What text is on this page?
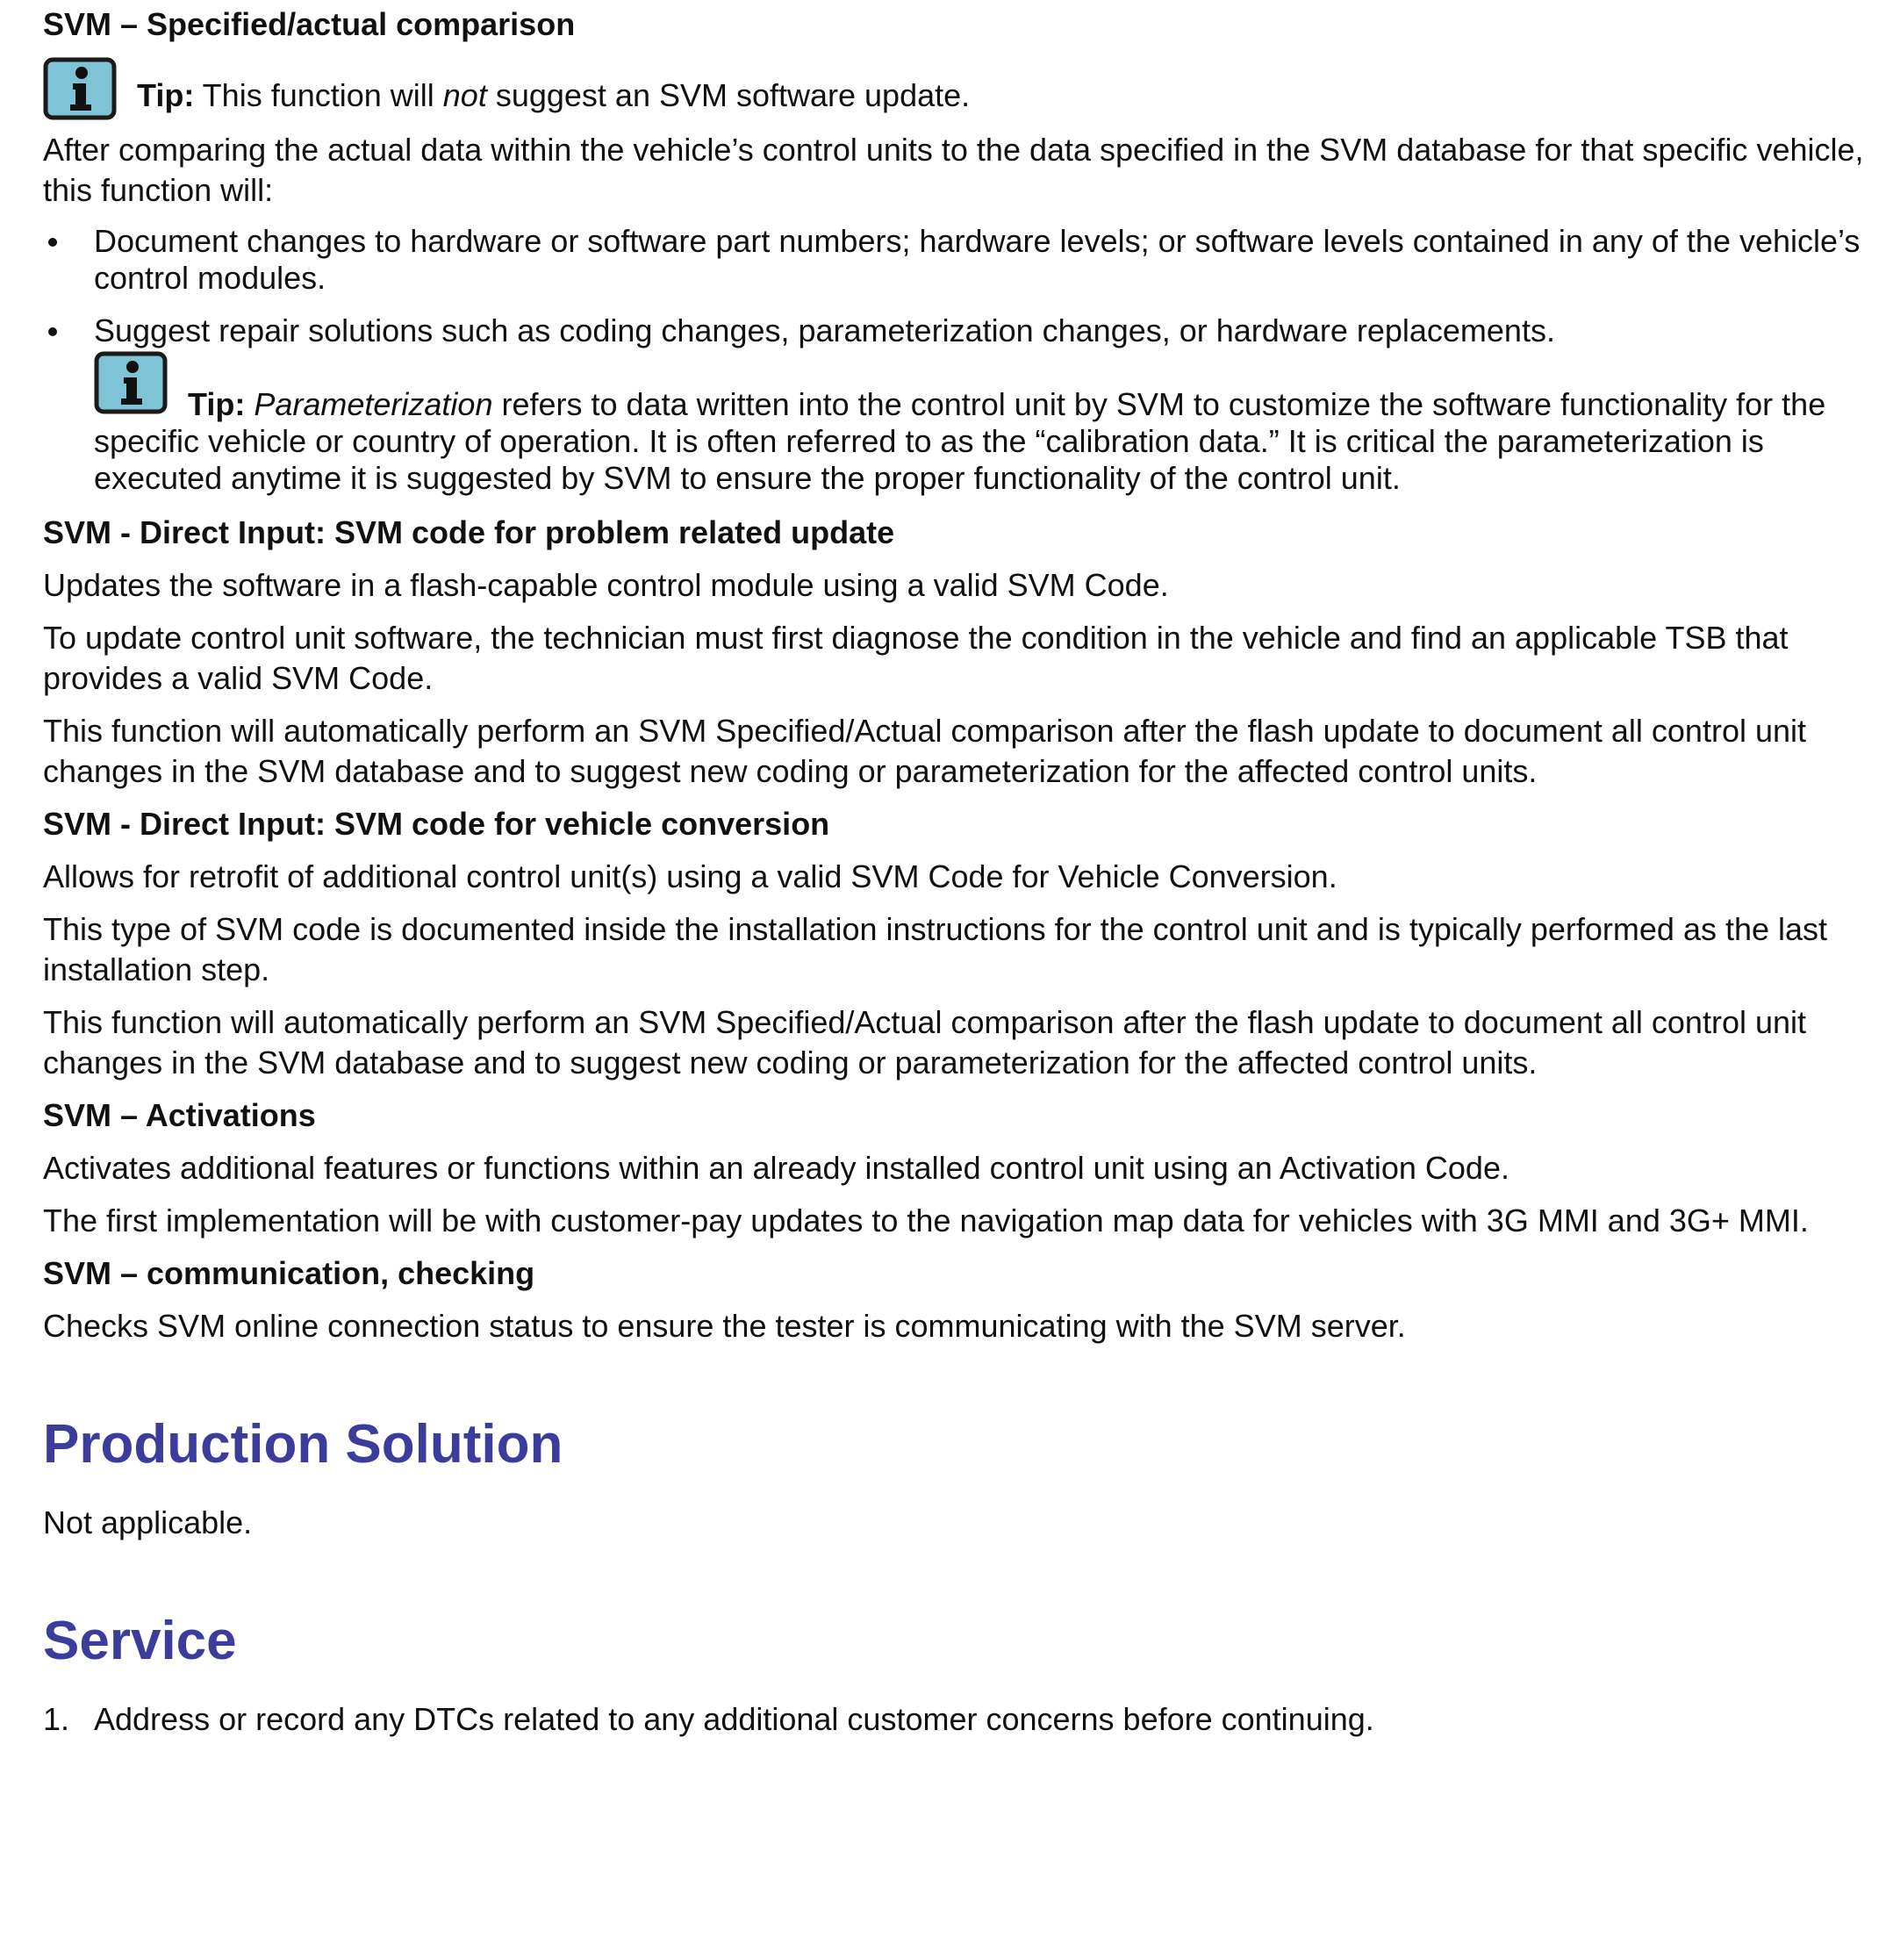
SVM – Specified/actual comparison

Tip: This function will not suggest an SVM software update.

After comparing the actual data within the vehicle’s control units to the data specified in the SVM database for that specific vehicle, this function will:

Document changes to hardware or software part numbers; hardware levels; or software levels contained in any of the vehicle’s control modules.
Suggest repair solutions such as coding changes, parameterization changes, or hardware replacements.

Tip: Parameterization refers to data written into the control unit by SVM to customize the software functionality for the specific vehicle or country of operation. It is often referred to as the “calibration data.” It is critical the parameterization is executed anytime it is suggested by SVM to ensure the proper functionality of the control unit.

SVM - Direct Input: SVM code for problem related update

Updates the software in a flash-capable control module using a valid SVM Code.

To update control unit software, the technician must first diagnose the condition in the vehicle and find an applicable TSB that provides a valid SVM Code.

This function will automatically perform an SVM Specified/Actual comparison after the flash update to document all control unit changes in the SVM database and to suggest new coding or parameterization for the affected control units.

SVM - Direct Input: SVM code for vehicle conversion

Allows for retrofit of additional control unit(s) using a valid SVM Code for Vehicle Conversion.

This type of SVM code is documented inside the installation instructions for the control unit and is typically performed as the last installation step.

This function will automatically perform an SVM Specified/Actual comparison after the flash update to document all control unit changes in the SVM database and to suggest new coding or parameterization for the affected control units.

SVM – Activations

Activates additional features or functions within an already installed control unit using an Activation Code.

The first implementation will be with customer-pay updates to the navigation map data for vehicles with 3G MMI and 3G+ MMI.

SVM – communication, checking

Checks SVM online connection status to ensure the tester is communicating with the SVM server.

Production Solution

Not applicable.

Service
1. Address or record any DTCs related to any additional customer concerns before continuing.
